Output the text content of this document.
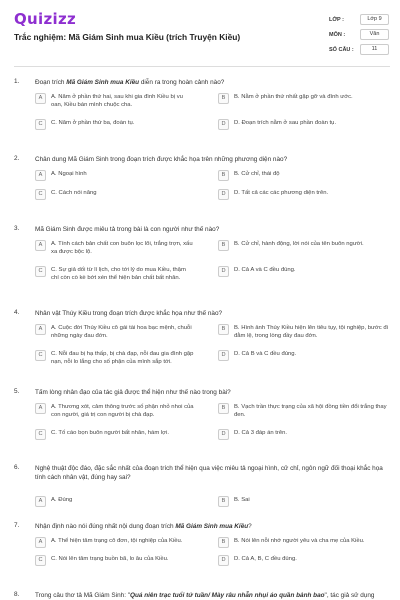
Quizizz
Trắc nghiệm: Mã Giám Sinh mua Kiều (trích Truyện Kiều)
LỚP :	Lớp 9
MÔN :	Văn
SỐ CÂU :	11
1. Đoạn trích Mã Giám Sinh mua Kiều diễn ra trong hoàn cảnh nào?
A	A. Năm ở phần thứ hai, sau khi gia đình Kiều bị vu oan, Kiều bán mình chuộc cha.
B	B. Nằm ở phần thứ nhất gặp gỡ và đính ước.
C	C. Năm ở phần thứ ba, đoàn tụ.	D	D. Đoạn trích nằm ở sau phần đoàn tụ.
2. Chân dung Mã Giám Sinh trong đoạn trích được khắc họa trên những phương diện nào?
A	A. Ngoại hình	B	B. Cử chỉ, thái độ
C	C. Cách nói năng	D	D. Tất cả các các phương diện trên.
3. Mã Giám Sinh được miêu tả trong bài là con người như thế nào?
A	A. Tính cách bản chất con buôn lọc lõi, trắng trợn, xấu xa được bộc lộ.
B	B. Cử chỉ, hành động, lời nói của tên buôn người.
C	C. Sự giả dối từ lí lịch, cho tới lý do mua Kiều, thậm chí còn cò kè bớt xén thể hiện bản chất bất nhân.
D	D. Cả A và C đều đúng.
4. Nhân vật Thúy Kiều trong đoạn trích được khắc họa như thế nào?
A	A. Cuộc đời Thúy Kiều cô gái tài hoa bạc mệnh, chuỗi những ngày đau đớn.
B	B. Hình ảnh Thúy Kiều hiện lên tiêu tụy, tội nghiệp, bước đi đằm lệ, trong lòng đầy đau đớn.
C	C. Nỗi đau bị hạ thấp, bị chà đạp, nỗi đau gia đình gặp nạn, nỗi lo lắng cho số phận của mình sắp tới.
D	D. Cả B và C đều đúng.
5. Tấm lòng nhân đạo của tác giả được thể hiện như thế nào trong bài?
A	A. Thương xót, cảm thông trước số phận nhỏ nhoi của con người, giá trị con người bị chà đạp.
B	B. Vạch trần thực trạng của xã hội đồng tiền đổi trắng thay đen.
C	C. Tố cáo bọn buôn người bất nhân, hám lợi.	D	D. Cả 3 đáp án trên.
6. Nghệ thuật độc đáo, đặc sắc nhất của đoạn trích thể hiện qua việc miêu tả ngoại hình, cử chỉ, ngôn ngữ đối thoại khắc họa tính cách nhân vật, đúng hay sai?
A	A. Đúng	B	B. Sai
7. Nhận định nào nói đúng nhất nội dung đoạn trích Mã Giám Sinh mua Kiều?
A	A. Thể hiện tâm trạng cô đơn, tội nghiệp của Kiều.	B	B. Nói lên nỗi nhớ người yêu và cha mẹ của Kiều.
C	C. Nói lên tâm trạng buồn bã, lo âu của Kiều.	D	D. Cả A, B, C đều đúng.
8. Trong câu thơ tả Mã Giám Sinh: "Quá niên trạc tuổi tứ tuần/ Mày râu nhẵn nhụi áo quần bảnh bao", tác giả sử dụng
